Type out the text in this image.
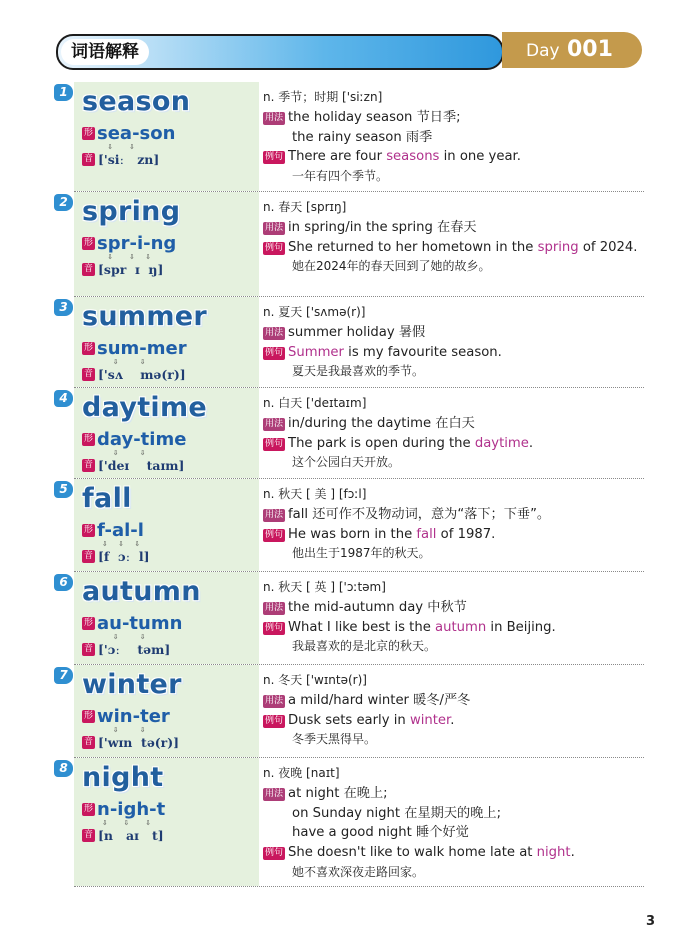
词语解释	Day 001
1 season
形 sea-son
⇩   ⇩
音 ['siː   zn]
n. 季节；时期 ['siːzn]
用法 the holiday season 节日季;
the rainy season 雨季
例句 There are four seasons in one year.
一年有四个季节。
2 spring
形 spr-i-ng
⇩   ⇩  ⇩
音 [spr  ɪ  ŋ]
n. 春天 [sprɪŋ]
用法 in spring/in the spring 在春天
例句 She returned to her hometown in the spring of 2024.
她在2024年的春天回到了她的故乡。
3 summer
形 sum-mer
⇩    ⇩
音 ['sʌ    mə(r)]
n. 夏天 ['sʌmə(r)]
用法 summer holiday 暑假
例句 Summer is my favourite season.
夏天是我最喜欢的季节。
4 daytime
形 day-time
⇩    ⇩
音 ['deɪ    taɪm]
n. 白天 ['deɪtaɪm]
用法 in/during the daytime 在白天
例句 The park is open during the daytime.
这个公园白天开放。
5 fall
形 f-al-l
⇩  ⇩  ⇩
音 [f  ɔː  l]
n. 秋天 [ 美 ] [fɔːl]
用法 fall 还可作不及物动词，意为“落下；下垂”。
例句 He was born in the fall of 1987.
他出生于1987年的秋天。
6 autumn
形 au-tumn
⇩    ⇩
音 ['ɔː    təm]
n. 秋天 [ 英 ] ['ɔːtəm]
用法 the mid-autumn day 中秋节
例句 What I like best is the autumn in Beijing.
我最喜欢的是北京的秋天。
7 winter
形 win-ter
⇩    ⇩
音 ['wɪn  tə(r)]
n. 冬天 ['wɪntə(r)]
用法 a mild/hard winter 暖冬/严冬
例句 Dusk sets early in winter.
冬季天黑得早。
8 night
形 n-igh-t
⇩   ⇩   ⇩
音 [n   aɪ   t]
n. 夜晚 [naɪt]
用法 at night 在晚上;
on Sunday night 在星期天的晚上;
have a good night 睡个好觉
例句 She doesn't like to walk home late at night.
她不喜欢深夜走路回家。
3
